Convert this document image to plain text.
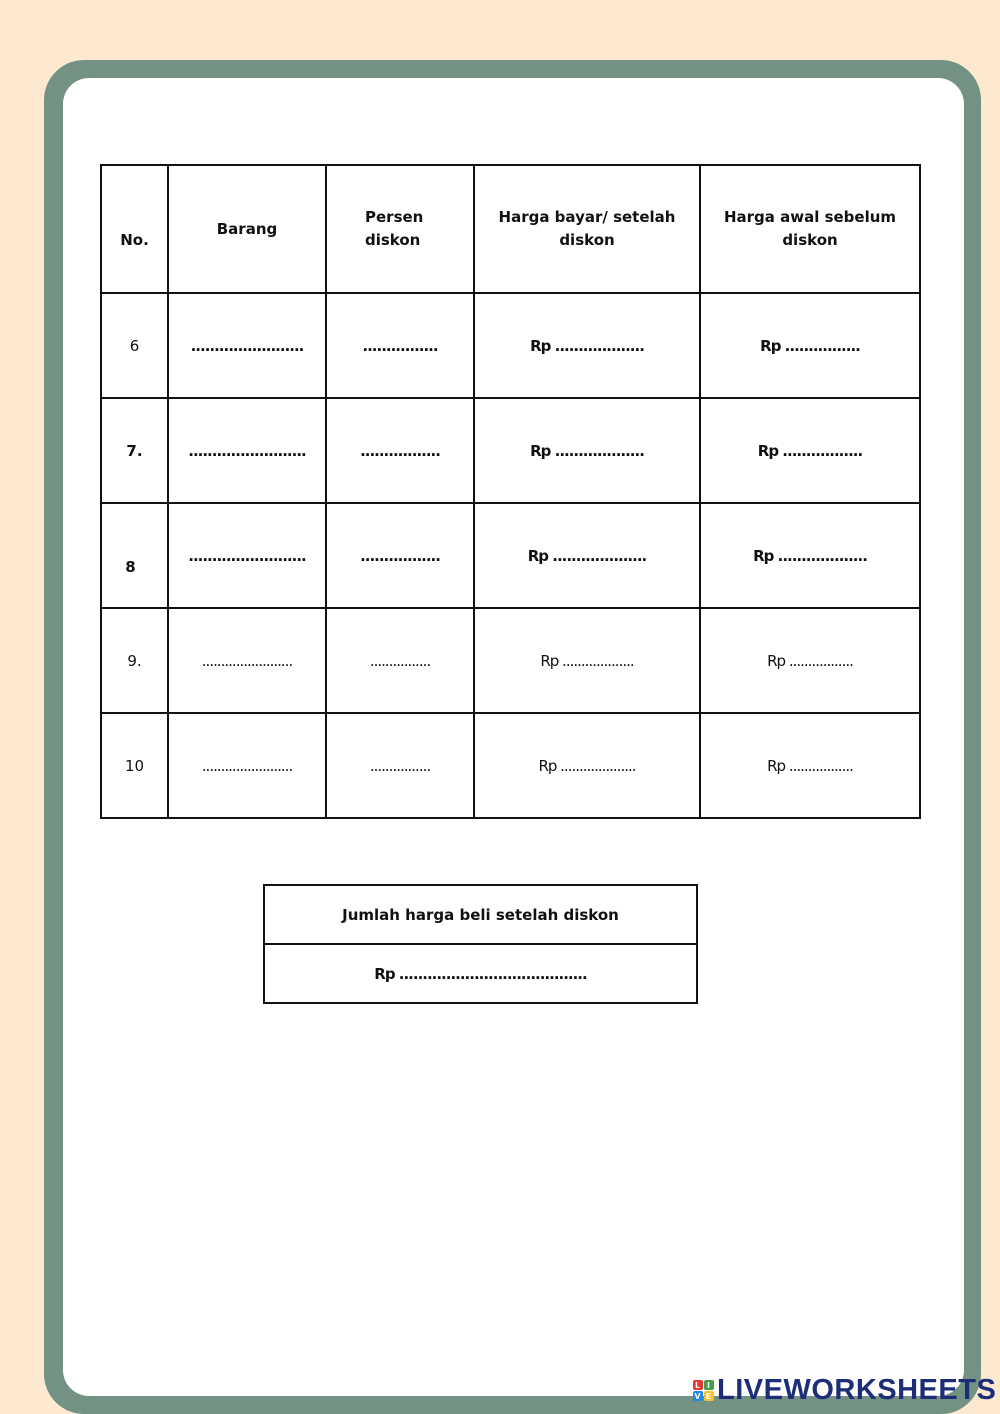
No.	Barang	Persen diskon	Harga bayar/ setelah diskon	Harga awal sebelum diskon
6	........................	................	Rp ...................	Rp ................
7.	.........................	.................	Rp ...................	Rp .................
8	.........................	.................	Rp ....................	Rp ...................
9.	........................	................	Rp ...................	Rp .................
10	........................	................	Rp ....................	Rp .................
Jumlah harga beli setelah diskon
Rp ........................................
L I
V E LIVEWORKSHEETS
